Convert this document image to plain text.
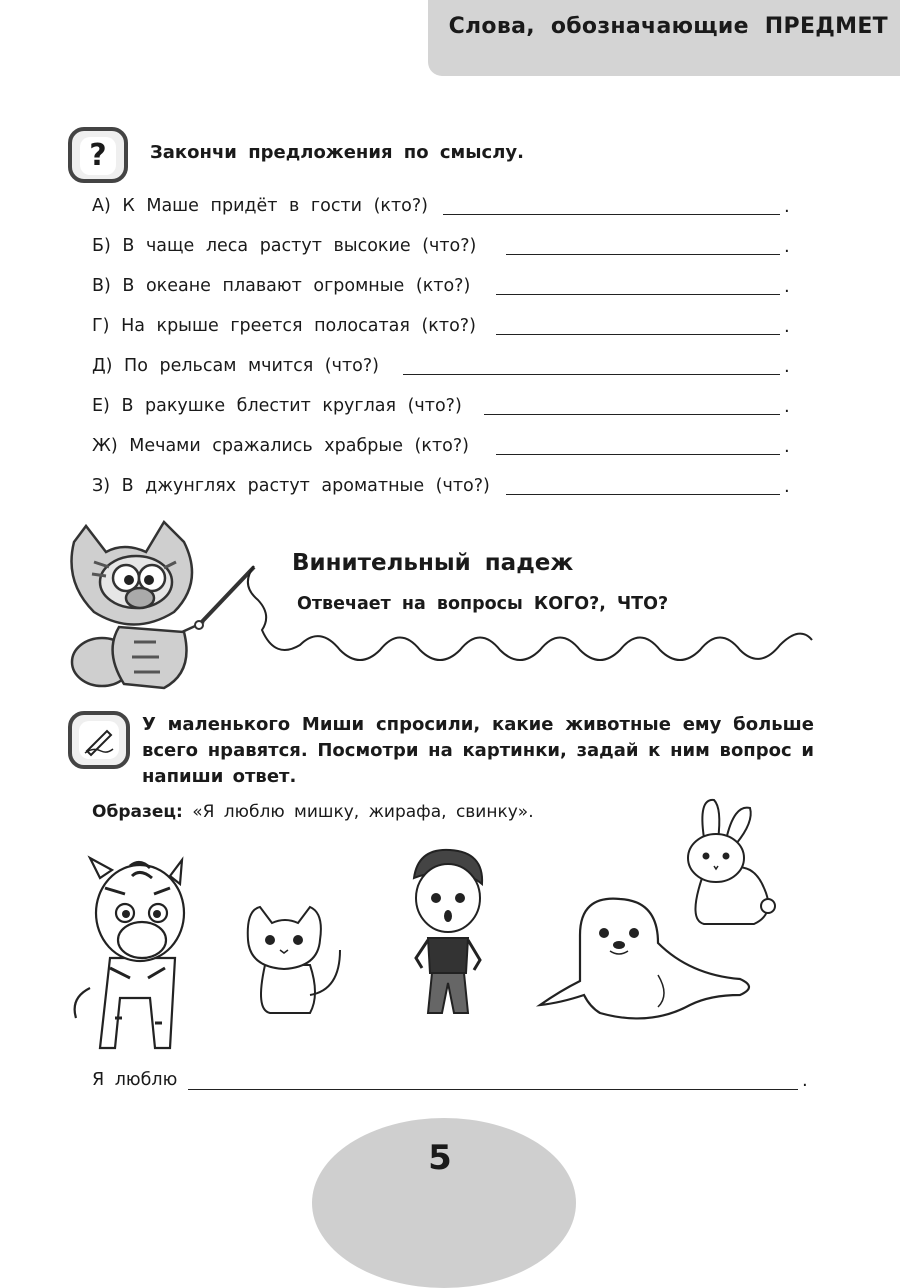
Слова, обозначающие ПРЕДМЕТ
?	Закончи предложения по смыслу.
А) К Маше придёт в гости (кто?)	.
Б) В чаще леса растут высокие (что?)	.
В) В океане плавают огромные (кто?)	.
Г) На крыше греется полосатая (кто?)	.
Д) По рельсам мчится (что?)	.
Е) В ракушке блестит круглая (что?)	.
Ж) Мечами сражались храбрые (кто?)	.
З) В джунглях растут ароматные (что?)	.
Винительный падеж
Отвечает на вопросы КОГО?, ЧТО?
У маленького Миши спросили, какие животные ему больше всего нравятся. Посмотри на картинки, задай к ним вопрос и напиши ответ.
Образец: «Я люблю мишку, жирафа, свинку».
Я люблю	.
5
